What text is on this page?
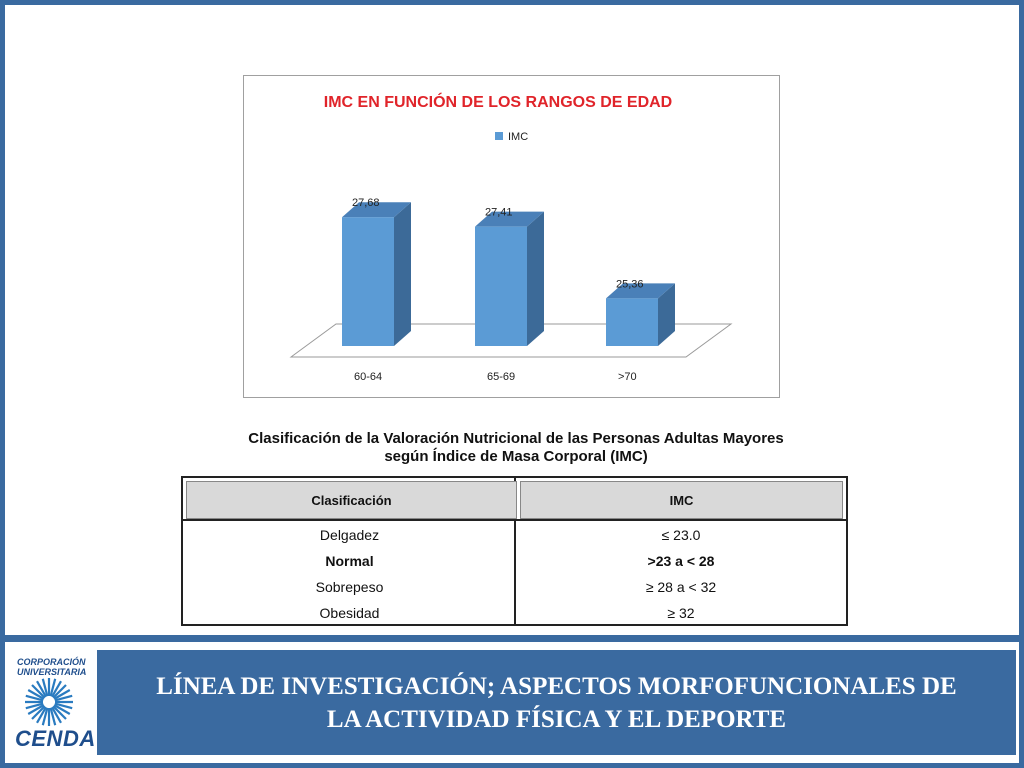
IMC EN FUNCIÓN DE LOS RANGOS DE EDAD
IMC
27,68
60-64
27,41
65-69
25,36
>70
Clasificación de la Valoración Nutricional de las Personas Adultas Mayores
según Índice de Masa Corporal (IMC)
Clasificación	IMC
Delgadez	≤ 23.0
Normal	>23 a < 28
Sobrepeso	≥ 28 a < 32
Obesidad	≥ 32
CORPORACIÓN
UNIVERSITARIA
CENDA
LÍNEA DE INVESTIGACIÓN; ASPECTOS MORFOFUNCIONALES DE
LA ACTIVIDAD FÍSICA Y EL DEPORTE
